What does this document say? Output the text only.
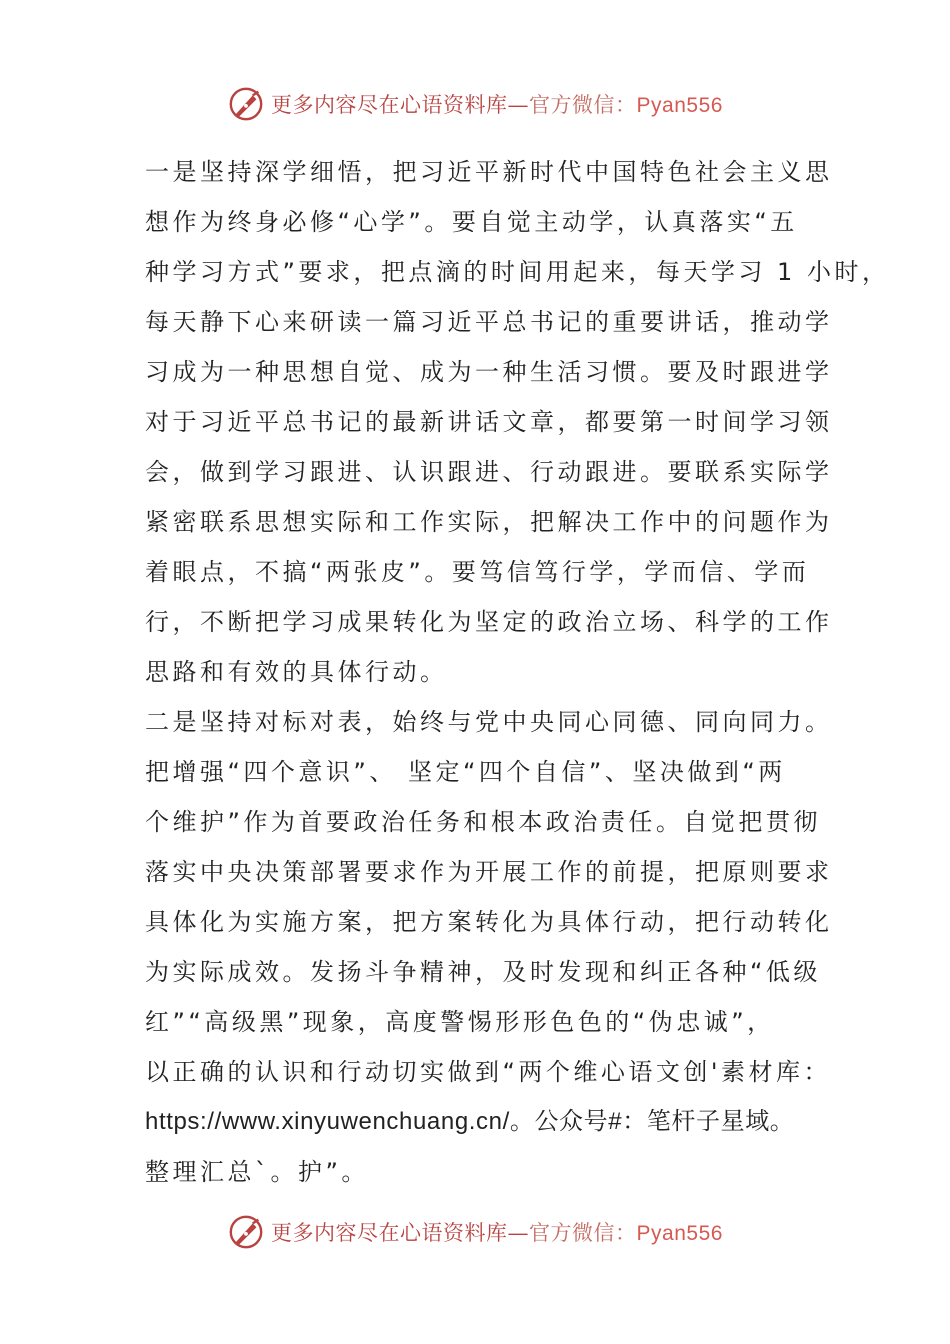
更多内容尽在心语资料库—官方微信：Pyan556
一是坚持深学细悟，把习近平新时代中国特色社会主义思
想作为终身必修“心学”。要自觉主动学，认真落实“五
种学习方式”要求，把点滴的时间用起来，每天学习 1 小时，
每天静下心来研读一篇习近平总书记的重要讲话，推动学
习成为一种思想自觉、成为一种生活习惯。要及时跟进学
对于习近平总书记的最新讲话文章，都要第一时间学习领
会，做到学习跟进、认识跟进、行动跟进。要联系实际学
紧密联系思想实际和工作实际，把解决工作中的问题作为
着眼点，不搞“两张皮”。要笃信笃行学，学而信、学而
行，不断把学习成果转化为坚定的政治立场、科学的工作
思路和有效的具体行动。
二是坚持对标对表，始终与党中央同心同德、同向同力。
把增强“四个意识”、 坚定“四个自信”、坚决做到“两
个维护”作为首要政治任务和根本政治责任。自觉把贯彻
落实中央决策部署要求作为开展工作的前提，把原则要求
具体化为实施方案，把方案转化为具体行动，把行动转化
为实际成效。发扬斗争精神，及时发现和纠正各种“低级
红”“高级黑”现象，高度警惕形形色色的“伪忠诚”，
以正确的认识和行动切实做到“两个维心语文创'素材库：
https://www.xinyuwenchuang.cn/。公众号#：笔杆子星域。
整理汇总`。护”。
更多内容尽在心语资料库—官方微信：Pyan556
